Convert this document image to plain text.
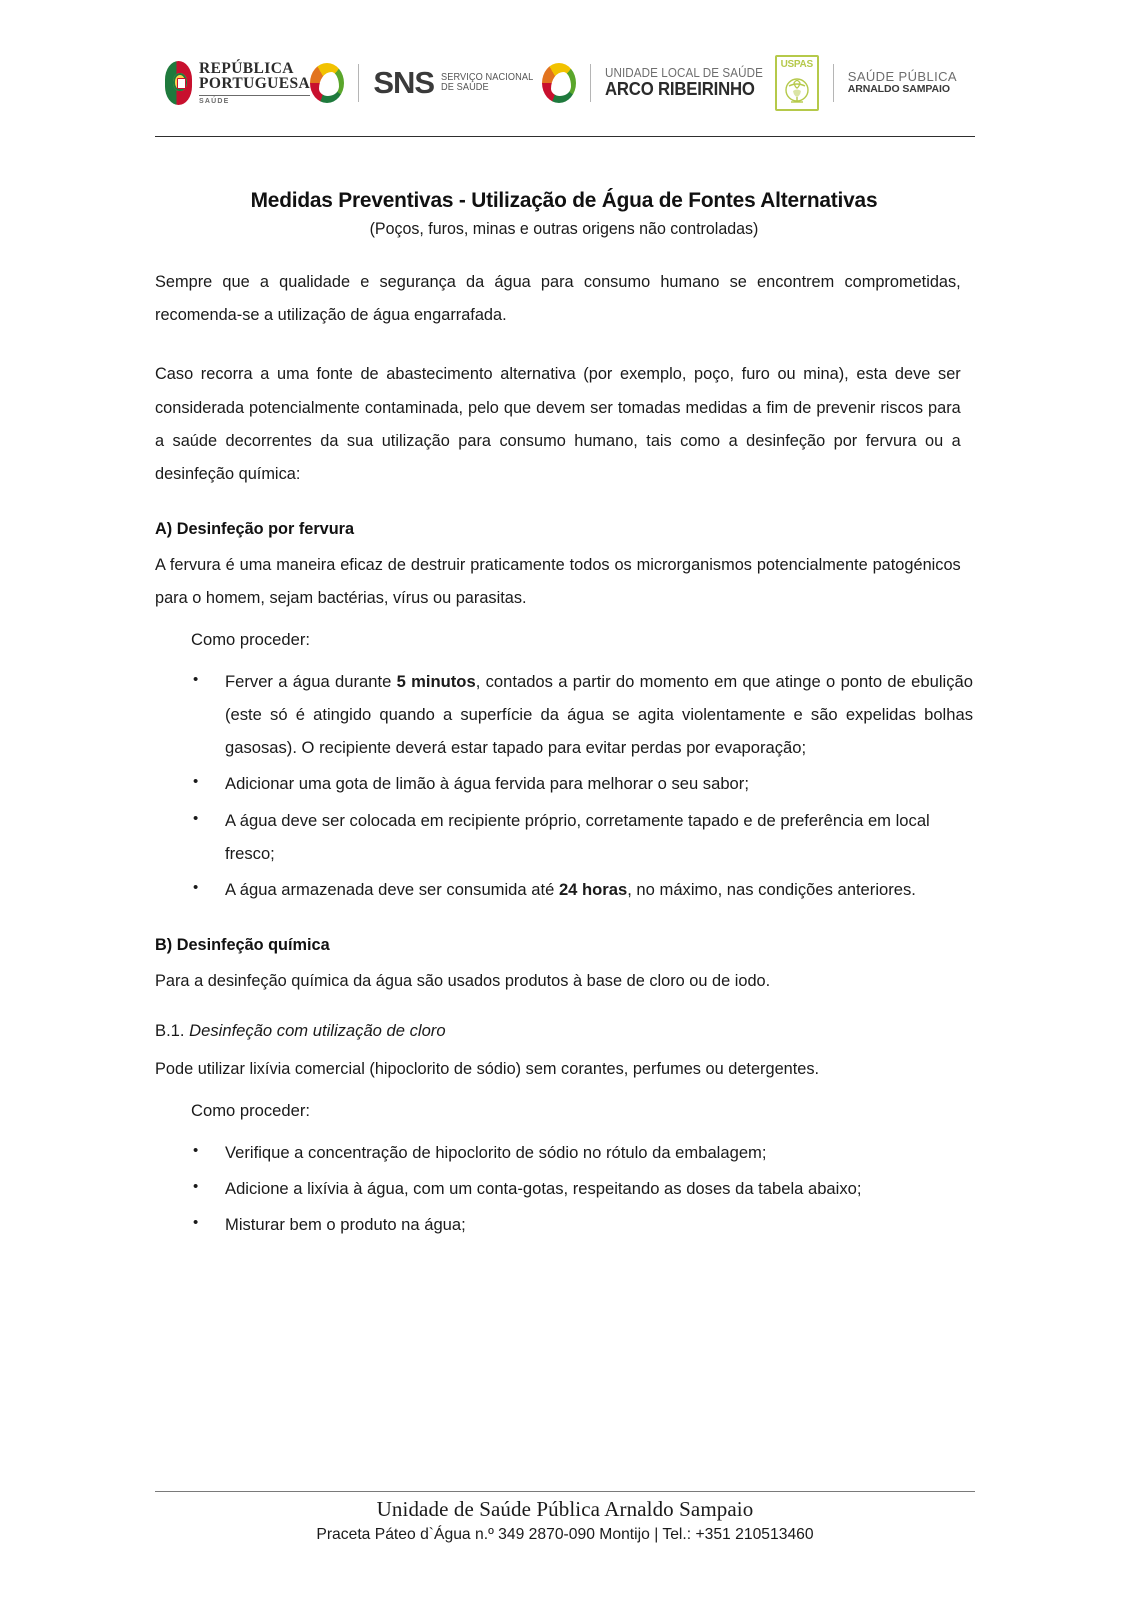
REPÚBLICA
PORTUGUESA
SAÚDE
SNS SERVIÇO NACIONAL
DE SAÚDE
UNIDADE LOCAL DE SAÚDE
ARCO RIBEIRINHO
USPAS
SAÚDE PÚBLICA
ARNALDO SAMPAIO
Medidas Preventivas - Utilização de Água de Fontes Alternativas
(Poços, furos, minas e outras origens não controladas)

Sempre que a qualidade e segurança da água para consumo humano se encontrem comprometidas, recomenda-se a utilização de água engarrafada.

Caso recorra a uma fonte de abastecimento alternativa (por exemplo, poço, furo ou mina), esta deve ser considerada potencialmente contaminada, pelo que devem ser tomadas medidas a fim de prevenir riscos para a saúde decorrentes da sua utilização para consumo humano, tais como a desinfeção por fervura ou a desinfeção química:

A) Desinfeção por fervura

A fervura é uma maneira eficaz de destruir praticamente todos os microrganismos potencialmente patogénicos para o homem, sejam bactérias, vírus ou parasitas.

Como proceder:
• Ferver a água durante 5 minutos, contados a partir do momento em que atinge o ponto de ebulição (este só é atingido quando a superfície da água se agita violentamente e são expelidas bolhas gasosas). O recipiente deverá estar tapado para evitar perdas por evaporação;
• Adicionar uma gota de limão à água fervida para melhorar o seu sabor;
• A água deve ser colocada em recipiente próprio, corretamente tapado e de preferência em local fresco;
• A água armazenada deve ser consumida até 24 horas, no máximo, nas condições anteriores.
B) Desinfeção química

Para a desinfeção química da água são usados produtos à base de cloro ou de iodo.

B.1. Desinfeção com utilização de cloro

Pode utilizar lixívia comercial (hipoclorito de sódio) sem corantes, perfumes ou detergentes.

Como proceder:
• Verifique a concentração de hipoclorito de sódio no rótulo da embalagem;
• Adicione a lixívia à água, com um conta-gotas, respeitando as doses da tabela abaixo;
• Misturar bem o produto na água;
Unidade de Saúde Pública Arnaldo Sampaio
Praceta Páteo d`Água n.º 349 2870-090 Montijo | Tel.: +351 210513460
